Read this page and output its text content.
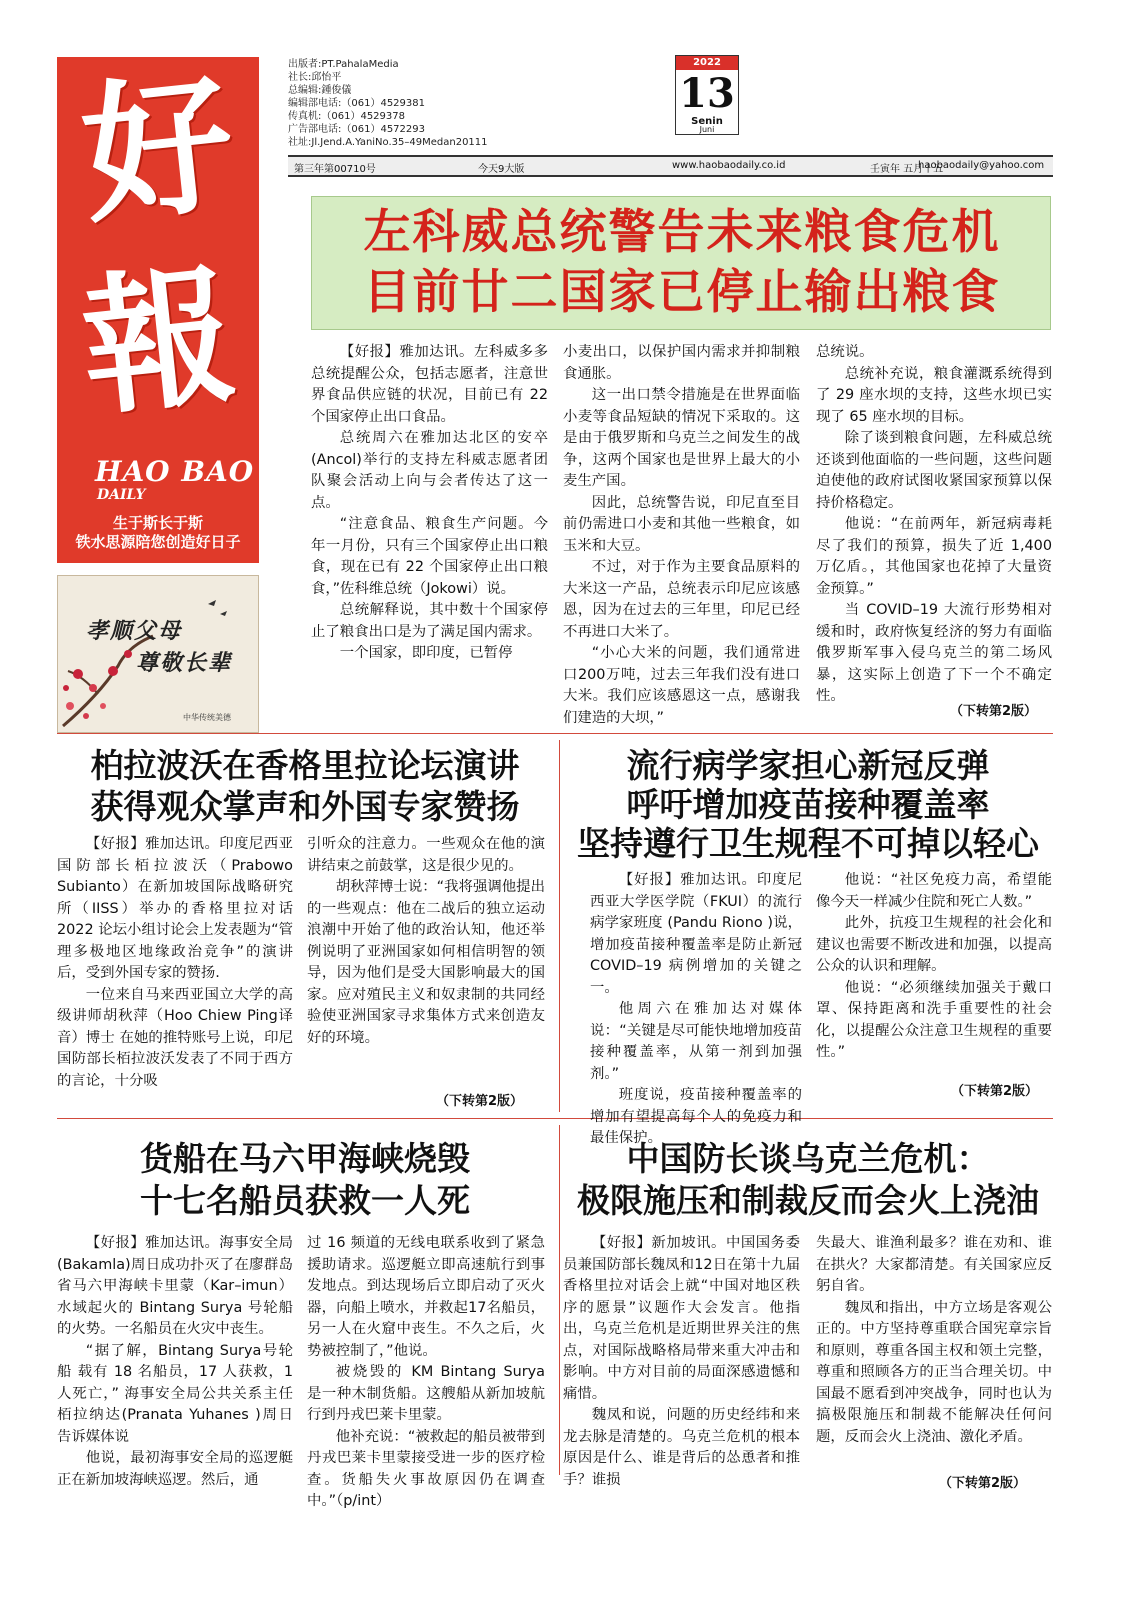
好
報
HAO BAO
DAILY
生于斯长于斯
铁水思源陪您创造好日子
孝顺父母
尊敬长辈
中华传统美德
出版者:PT.PahalaMedia
社长:邱怡平
总编辑:鍾俊儀
编辑部电话:（061）4529381
传真机:（061）4529378
广告部电话:（061）4572293
社址:Jl.Jend.A.YaniNo.35–49Medan20111
2022
13
Senin
Juni
第三年第00710号	今天9大版	www.haobaodaily.co.id	壬寅年 五月十五
haobaodaily@yahoo.com
左科威总统警告未来粮食危机
目前廿二国家已停止输出粮食

【好报】雅加达讯。左科威多多总统提醒公众，包括志愿者，注意世界食品供应链的状况，目前已有 22 个国家停止出口食品。

总统周六在雅加达北区的安卒(Ancol)举行的支持左科威志愿者团队聚会活动上向与会者传达了这一点。

“注意食品、粮食生产问题。今年一月份，只有三个国家停止出口粮食，现在已有 22 个国家停止出口粮食，”佐科维总统（Jokowi）说。

总统解释说，其中数十个国家停止了粮食出口是为了满足国内需求。

一个国家，即印度，已暂停

小麦出口，以保护国内需求并抑制粮食通胀。

这一出口禁令措施是在世界面临小麦等食品短缺的情况下采取的。这是由于俄罗斯和乌克兰之间发生的战争，这两个国家也是世界上最大的小麦生产国。

因此，总统警告说，印尼直至目前仍需进口小麦和其他一些粮食，如玉米和大豆。

不过，对于作为主要食品原料的大米这一产品，总统表示印尼应该感恩，因为在过去的三年里，印尼已经不再进口大米了。

“小心大米的问题，我们通常进口200万吨，过去三年我们没有进口大米。我们应该感恩这一点，感谢我们建造的大坝，”

总统说。

总统补充说，粮食灌溉系统得到了 29 座水坝的支持，这些水坝已实现了 65 座水坝的目标。

除了谈到粮食问题，左科威总统还谈到他面临的一些问题，这些问题迫使他的政府试图收紧国家预算以保持价格稳定。

他说：“在前两年，新冠病毒耗尽了我们的预算，损失了近 1,400 万亿盾。，其他国家也花掉了大量资金预算。”

当 COVID–19 大流行形势相对缓和时，政府恢复经济的努力有面临俄罗斯军事入侵乌克兰的第二场风暴，这实际上创造了下一个不确定性。

（下转第2版）
柏拉波沃在香格里拉论坛演讲
获得观众掌声和外国专家赞扬

【好报】雅加达讯。印度尼西亚国防部长栢拉波沃（Prabowo Subianto）在新加坡国际战略研究所（IISS）举办的香格里拉对话 2022 论坛小组讨论会上发表题为“管理多极地区地缘政治竞争”的演讲后，受到外国专家的赞扬.

一位来自马来西亚国立大学的高级讲师胡秋萍（Hoo Chiew Ping译音）博士 在她的推特账号上说，印尼国防部长栢拉波沃发表了不同于西方的言论，十分吸

引听众的注意力。一些观众在他的演讲结束之前鼓掌，这是很少见的。

胡秋萍博士说：“我将强调他提出的一些观点：他在二战后的独立运动浪潮中开始了他的政治认知，他还举例说明了亚洲国家如何相信明智的领导，因为他们是受大国影响最大的国家。应对殖民主义和奴隶制的共同经验使亚洲国家寻求集体方式来创造友好的环境。

（下转第2版）
流行病学家担心新冠反弹
呼吁增加疫苗接种覆盖率
坚持遵行卫生规程不可掉以轻心

【好报】雅加达讯。印度尼西亚大学医学院（FKUI）的流行病学家班度 (Pandu Riono )说，增加疫苗接种覆盖率是防止新冠COVID–19 病例增加的关键之一。

他周六在雅加达对媒体说：“关键是尽可能快地增加疫苗接种覆盖率，从第一剂到加强剂。”

班度说，疫苗接种覆盖率的增加有望提高每个人的免疫力和最佳保护。

他说：“社区免疫力高，希望能像今天一样减少住院和死亡人数。”

此外，抗疫卫生规程的社会化和建议也需要不断改进和加强，以提高公众的认识和理解。

他说：“必须继续加强关于戴口罩、保持距离和洗手重要性的社会化，以提醒公众注意卫生规程的重要性。”

（下转第2版）
货船在马六甲海峡烧毁
十七名船员获救一人死

【好报】雅加达讯。海事安全局 (Bakamla)周日成功扑灭了在廖群岛省马六甲海峡卡里蒙（Kar–imun）水域起火的 Bintang Surya 号轮船的火势。一名船员在火灾中丧生。

“据了解，Bintang Surya号轮船 载有 18 名船员，17 人获救，1 人死亡，” 海事安全局公共关系主任 栢拉纳达(Pranata Yuhanes )周日告诉媒体说

他说，最初海事安全局的巡逻艇正在新加坡海峡巡逻。然后，通

过 16 频道的无线电联系收到了紧急援助请求。巡逻艇立即高速航行到事发地点。到达现场后立即启动了灭火器，向船上喷水，并救起17名船员，另一人在火窟中丧生。不久之后，火势被控制了，”他说。

被烧毁的 KM Bintang Surya 是一种木制货船。这艘船从新加坡航行到丹戎巴莱卡里蒙。

他补充说：“被救起的船员被带到丹戎巴莱卡里蒙接受进一步的医疗检查。货船失火事故原因仍在调查中。”（p/int）

中国防长谈乌克兰危机：
极限施压和制裁反而会火上浇油

【好报】新加坡讯。中国国务委员兼国防部长魏凤和12日在第十九届香格里拉对话会上就“中国对地区秩序的愿景”议题作大会发言。他指出，乌克兰危机是近期世界关注的焦点，对国际战略格局带来重大冲击和影响。中方对目前的局面深感遗憾和痛惜。

魏凤和说，问题的历史经纬和来龙去脉是清楚的。乌克兰危机的根本原因是什么、谁是背后的怂恿者和推手？谁损

失最大、谁渔利最多？谁在劝和、谁在拱火？大家都清楚。有关国家应反躬自省。

魏凤和指出，中方立场是客观公正的。中方坚持尊重联合国宪章宗旨和原则，尊重各国主权和领土完整，尊重和照顾各方的正当合理关切。中国最不愿看到冲突战争，同时也认为搞极限施压和制裁不能解决任何问题，反而会火上浇油、激化矛盾。

（下转第2版）
